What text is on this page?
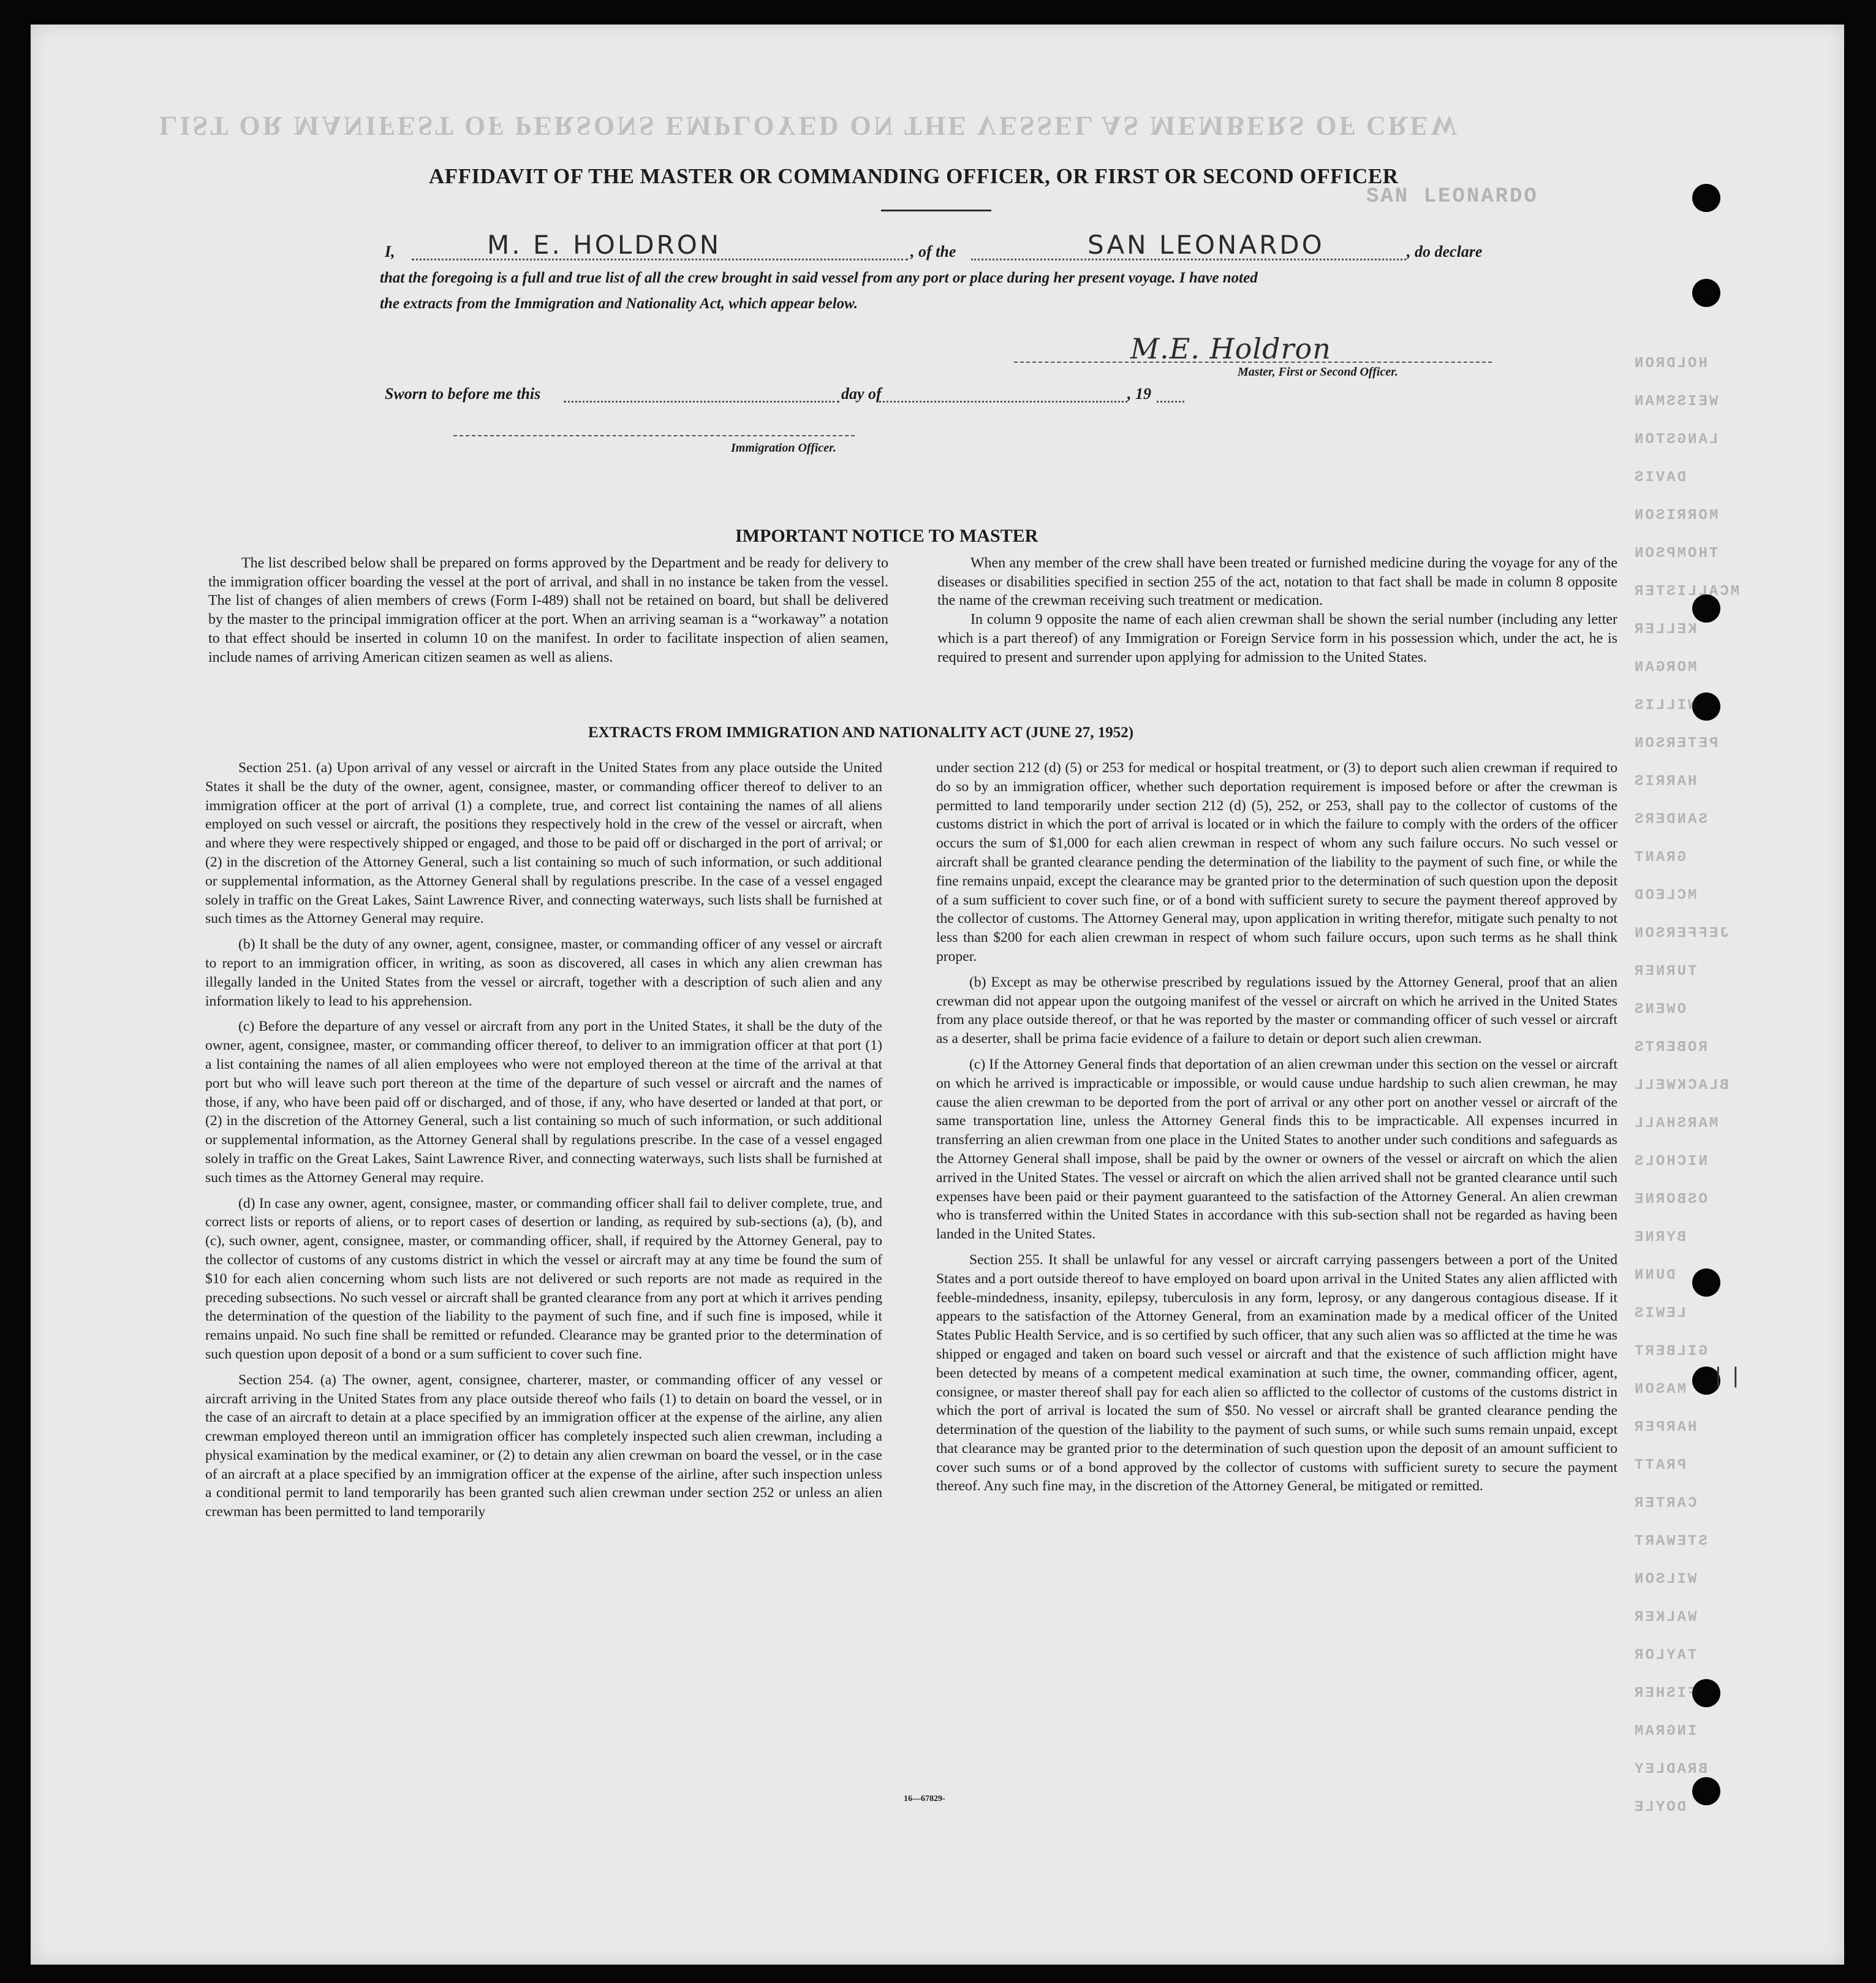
LIST OR MANIFEST OF PERSONS EMPLOYED ON THE VESSEL AS MEMBERS OF CREW
SAN LEONARDO
HOLDRON
WEISSMAN
LANGSTON
DAVIS
MORRISON
THOMPSON
MCALLISTER
KELLER
MORGAN
WILLIS
PETERSON
HARRIS
SANDERS
GRANT
MCLEOD
JEFFERSON
TURNER
OWENS
ROBERTS
BLACKWELL
MARSHALL
NICHOLS
OSBORNE
BYRNE
DUNN
LEWIS
GILBERT
MASON
HARPER
PRATT
CARTER
STEWART
WILSON
WALKER
TAYLOR
FISHER
INGRAM
BRADLEY
DOYLE
AFFIDAVIT OF THE MASTER OR COMMANDING OFFICER, OR FIRST OR SECOND OFFICER
I,	M. E. HOLDRON	, of the	SAN LEONARDO	, do declare
that the foregoing is a full and true list of all the crew brought in said vessel from any port or place during her present voyage. I have noted
the extracts from the Immigration and Nationality Act, which appear below.
M.E. Holdron
Master, First or Second Officer.
Sworn to before me this	day of	, 19
Immigration Officer.
IMPORTANT NOTICE TO MASTER

The list described below shall be prepared on forms approved by the Department and be ready for delivery to the immigration officer boarding the vessel at the port of arrival, and shall in no instance be taken from the vessel. The list of changes of alien members of crews (Form I-489) shall not be retained on board, but shall be delivered by the master to the principal immigration officer at the port. When an arriving seaman is a “workaway” a notation to that effect should be inserted in column 10 on the manifest. In order to facilitate inspection of alien seamen, include names of arriving American citizen seamen as well as aliens.

When any member of the crew shall have been treated or furnished medicine during the voyage for any of the diseases or disabilities specified in section 255 of the act, notation to that fact shall be made in column 8 opposite the name of the crewman receiving such treatment or medication.

In column 9 opposite the name of each alien crewman shall be shown the serial number (including any letter which is a part thereof) of any Immigration or Foreign Service form in his possession which, under the act, he is required to present and surrender upon applying for admission to the United States.

EXTRACTS FROM IMMIGRATION AND NATIONALITY ACT (JUNE 27, 1952)

Section 251. (a) Upon arrival of any vessel or aircraft in the United States from any place outside the United States it shall be the duty of the owner, agent, consignee, master, or commanding officer thereof to deliver to an immigration officer at the port of arrival (1) a complete, true, and correct list containing the names of all aliens employed on such vessel or aircraft, the positions they respectively hold in the crew of the vessel or aircraft, when and where they were respectively shipped or engaged, and those to be paid off or discharged in the port of arrival; or (2) in the discretion of the Attorney General, such a list containing so much of such information, or such additional or supplemental information, as the Attorney General shall by regulations prescribe. In the case of a vessel engaged solely in traffic on the Great Lakes, Saint Lawrence River, and connecting waterways, such lists shall be furnished at such times as the Attorney General may require.

(b) It shall be the duty of any owner, agent, consignee, master, or commanding officer of any vessel or aircraft to report to an immigration officer, in writing, as soon as discovered, all cases in which any alien crewman has illegally landed in the United States from the vessel or aircraft, together with a description of such alien and any information likely to lead to his apprehension.

(c) Before the departure of any vessel or aircraft from any port in the United States, it shall be the duty of the owner, agent, consignee, master, or commanding officer thereof, to deliver to an immigration officer at that port (1) a list containing the names of all alien employees who were not employed thereon at the time of the arrival at that port but who will leave such port thereon at the time of the departure of such vessel or aircraft and the names of those, if any, who have been paid off or discharged, and of those, if any, who have deserted or landed at that port, or (2) in the discretion of the Attorney General, such a list containing so much of such information, or such additional or supplemental information, as the Attorney General shall by regulations prescribe. In the case of a vessel engaged solely in traffic on the Great Lakes, Saint Lawrence River, and connecting waterways, such lists shall be furnished at such times as the Attorney General may require.

(d) In case any owner, agent, consignee, master, or commanding officer shall fail to deliver complete, true, and correct lists or reports of aliens, or to report cases of desertion or landing, as required by sub-sections (a), (b), and (c), such owner, agent, consignee, master, or commanding officer, shall, if required by the Attorney General, pay to the collector of customs of any customs district in which the vessel or aircraft may at any time be found the sum of $10 for each alien concerning whom such lists are not delivered or such reports are not made as required in the preceding subsections. No such vessel or aircraft shall be granted clearance from any port at which it arrives pending the determination of the question of the liability to the payment of such fine, and if such fine is imposed, while it remains unpaid. No such fine shall be remitted or refunded. Clearance may be granted prior to the determination of such question upon deposit of a bond or a sum sufficient to cover such fine.

Section 254. (a) The owner, agent, consignee, charterer, master, or commanding officer of any vessel or aircraft arriving in the United States from any place outside thereof who fails (1) to detain on board the vessel, or in the case of an aircraft to detain at a place specified by an immigration officer at the expense of the airline, any alien crewman employed thereon until an immigration officer has completely inspected such alien crewman, including a physical examination by the medical examiner, or (2) to detain any alien crewman on board the vessel, or in the case of an aircraft at a place specified by an immigration officer at the expense of the airline, after such inspection unless a conditional permit to land temporarily has been granted such alien crewman under section 252 or unless an alien crewman has been permitted to land temporarily

under section 212 (d) (5) or 253 for medical or hospital treatment, or (3) to deport such alien crewman if required to do so by an immigration officer, whether such deportation requirement is imposed before or after the crewman is permitted to land temporarily under section 212 (d) (5), 252, or 253, shall pay to the collector of customs of the customs district in which the port of arrival is located or in which the failure to comply with the orders of the officer occurs the sum of $1,000 for each alien crewman in respect of whom any such failure occurs. No such vessel or aircraft shall be granted clearance pending the determination of the liability to the payment of such fine, or while the fine remains unpaid, except the clearance may be granted prior to the determination of such question upon the deposit of a sum sufficient to cover such fine, or of a bond with sufficient surety to secure the payment thereof approved by the collector of customs. The Attorney General may, upon application in writing therefor, mitigate such penalty to not less than $200 for each alien crewman in respect of whom such failure occurs, upon such terms as he shall think proper.

(b) Except as may be otherwise prescribed by regulations issued by the Attorney General, proof that an alien crewman did not appear upon the outgoing manifest of the vessel or aircraft on which he arrived in the United States from any place outside thereof, or that he was reported by the master or commanding officer of such vessel or aircraft as a deserter, shall be prima facie evidence of a failure to detain or deport such alien crewman.

(c) If the Attorney General finds that deportation of an alien crewman under this section on the vessel or aircraft on which he arrived is impracticable or impossible, or would cause undue hardship to such alien crewman, he may cause the alien crewman to be deported from the port of arrival or any other port on another vessel or aircraft of the same transportation line, unless the Attorney General finds this to be impracticable. All expenses incurred in transferring an alien crewman from one place in the United States to another under such conditions and safeguards as the Attorney General shall impose, shall be paid by the owner or owners of the vessel or aircraft on which the alien arrived in the United States. The vessel or aircraft on which the alien arrived shall not be granted clearance until such expenses have been paid or their payment guaranteed to the satisfaction of the Attorney General. An alien crewman who is transferred within the United States in accordance with this sub-section shall not be regarded as having been landed in the United States.

Section 255. It shall be unlawful for any vessel or aircraft carrying passengers between a port of the United States and a port outside thereof to have employed on board upon arrival in the United States any alien afflicted with feeble-mindedness, insanity, epilepsy, tuberculosis in any form, leprosy, or any dangerous contagious disease. If it appears to the satisfaction of the Attorney General, from an examination made by a medical officer of the United States Public Health Service, and is so certified by such officer, that any such alien was so afflicted at the time he was shipped or engaged and taken on board such vessel or aircraft and that the existence of such affliction might have been detected by means of a competent medical examination at such time, the owner, commanding officer, agent, consignee, or master thereof shall pay for each alien so afflicted to the collector of customs of the customs district in which the port of arrival is located the sum of $50. No vessel or aircraft shall be granted clearance pending the determination of the question of the liability to the payment of such sums, or while such sums remain unpaid, except that clearance may be granted prior to the determination of such question upon the deposit of an amount sufficient to cover such sums or of a bond approved by the collector of customs with sufficient surety to secure the payment thereof. Any such fine may, in the discretion of the Attorney General, be mitigated or remitted.

16—67829-
❘❘
